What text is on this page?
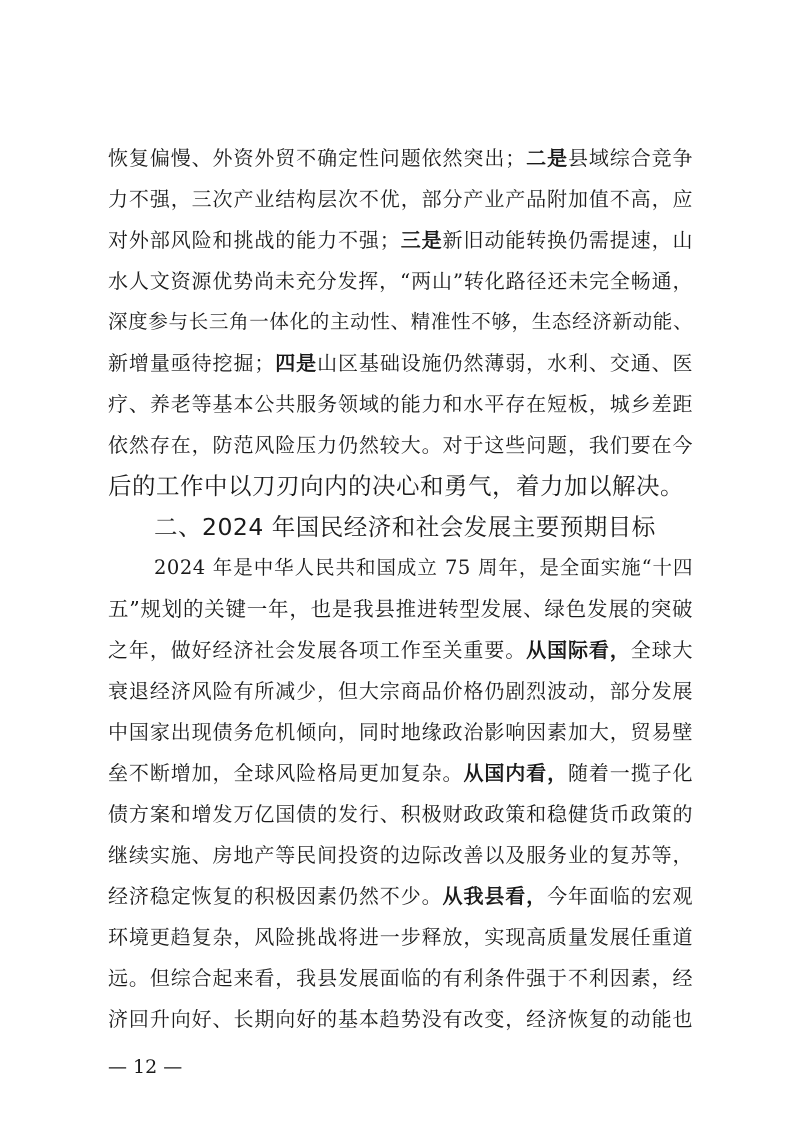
恢复偏慢、外资外贸不确定性问题依然突出；二是县域综合竞争
力不强，三次产业结构层次不优，部分产业产品附加值不高，应
对外部风险和挑战的能力不强；三是新旧动能转换仍需提速，山
水人文资源优势尚未充分发挥，“两山”转化路径还未完全畅通，
深度参与长三角一体化的主动性、精准性不够，生态经济新动能、
新增量亟待挖掘；四是山区基础设施仍然薄弱，水利、交通、医
疗、养老等基本公共服务领域的能力和水平存在短板，城乡差距
依然存在，防范风险压力仍然较大。对于这些问题，我们要在今
后的工作中以刀刃向内的决心和勇气，着力加以解决。
二、2024 年国民经济和社会发展主要预期目标
2024 年是中华人民共和国成立 75 周年，是全面实施“十四
五”规划的关键一年，也是我县推进转型发展、绿色发展的突破
之年，做好经济社会发展各项工作至关重要。从国际看，全球大
衰退经济风险有所减少，但大宗商品价格仍剧烈波动，部分发展
中国家出现债务危机倾向，同时地缘政治影响因素加大，贸易壁
垒不断增加，全球风险格局更加复杂。从国内看，随着一揽子化
债方案和增发万亿国债的发行、积极财政政策和稳健货币政策的
继续实施、房地产等民间投资的边际改善以及服务业的复苏等，
经济稳定恢复的积极因素仍然不少。从我县看，今年面临的宏观
环境更趋复杂，风险挑战将进一步释放，实现高质量发展任重道
远。但综合起来看，我县发展面临的有利条件强于不利因素，经
济回升向好、长期向好的基本趋势没有改变，经济恢复的动能也
— 12 —
